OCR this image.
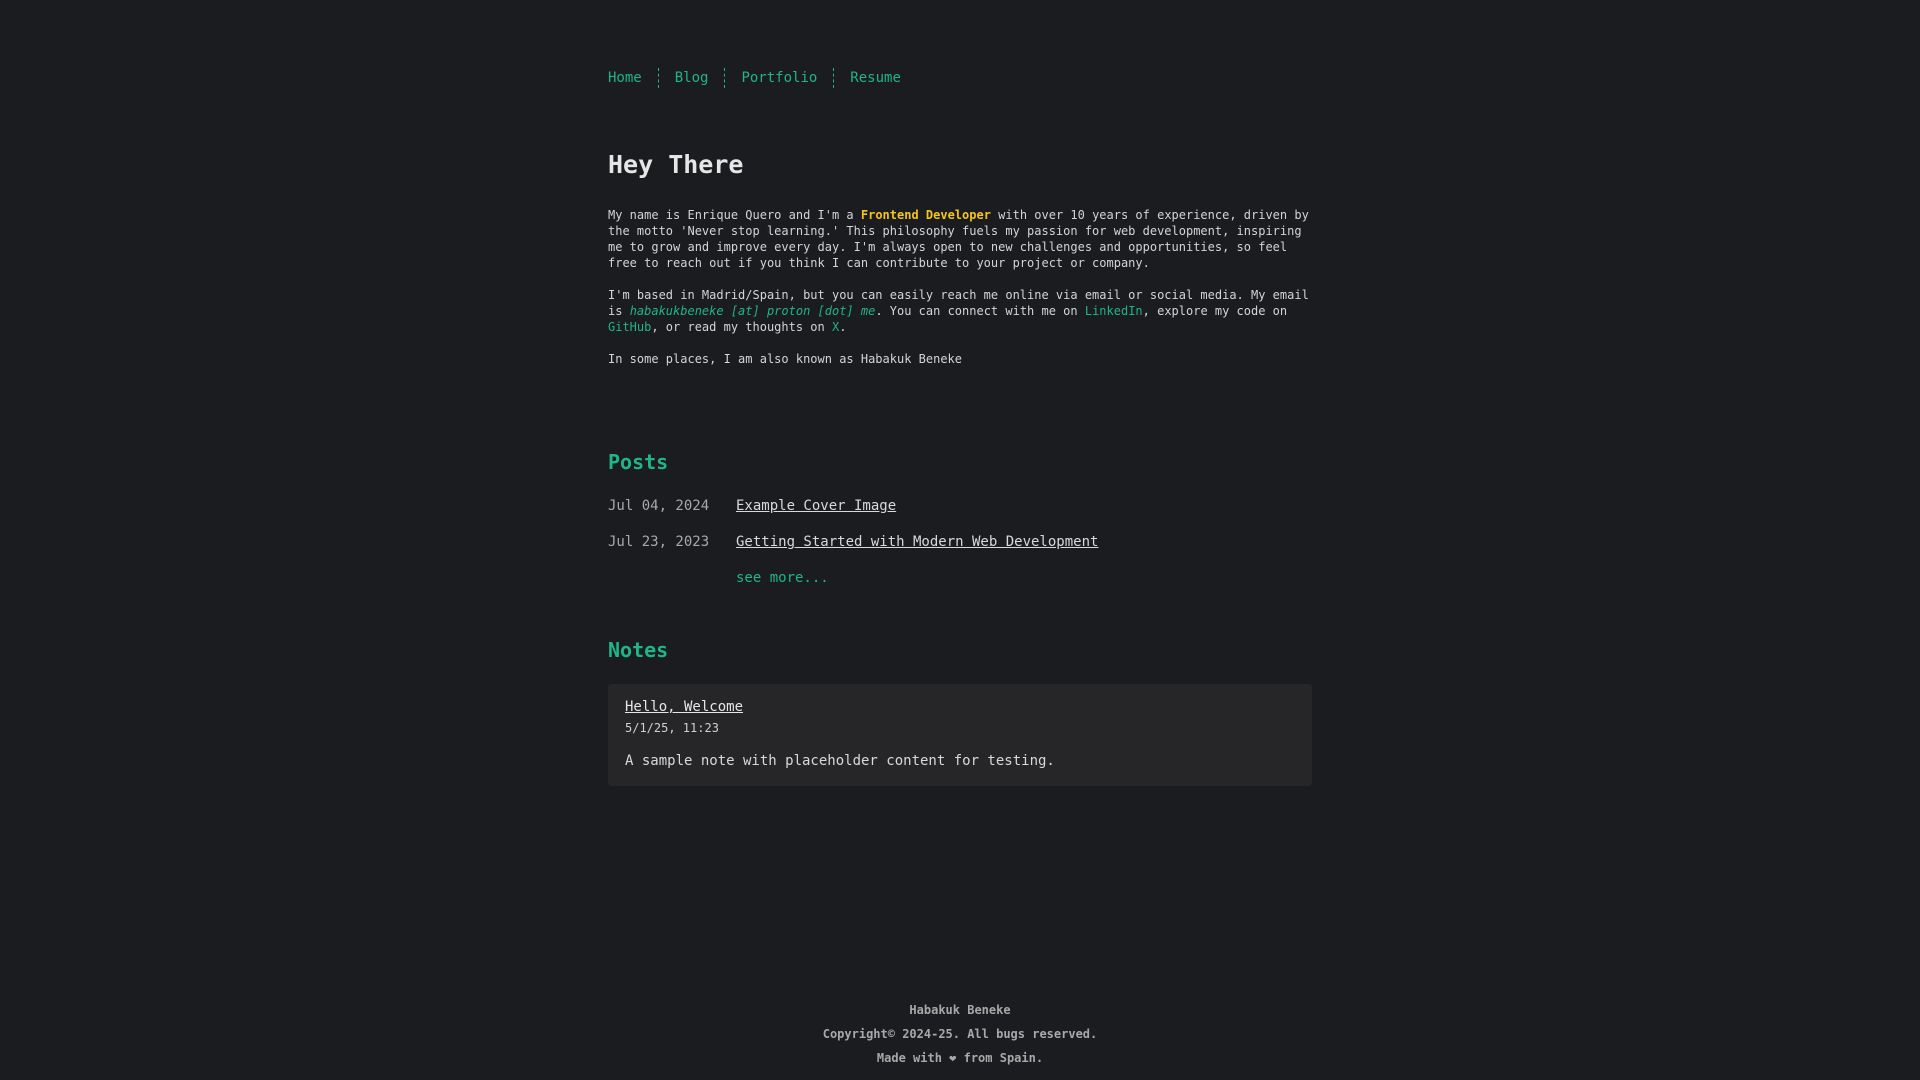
Home	Blog	Portfolio	Resume
Hey There

My name is Enrique Quero and I'm a Frontend Developer with over 10 years of experience, driven by the motto 'Never stop learning.' This philosophy fuels my passion for web development, inspiring me to grow and improve every day. I'm always open to new challenges and opportunities, so feel free to reach out if you think I can contribute to your project or company.

I'm based in Madrid/Spain, but you can easily reach me online via email or social media. My email is habakukbeneke [at] proton [dot] me. You can connect with me on LinkedIn, explore my code on GitHub, or read my thoughts on X.

In some places, I am also known as Habakuk Beneke

Posts
Jul 04, 2024	Example Cover Image
Jul 23, 2023	Getting Started with Modern Web Development
see more...
Notes
Hello, Welcome
5/1/25, 11:23
A sample note with placeholder content for testing.
Habakuk Beneke
Copyright© 2024-25. All bugs reserved.
Made with ❤ from Spain.
